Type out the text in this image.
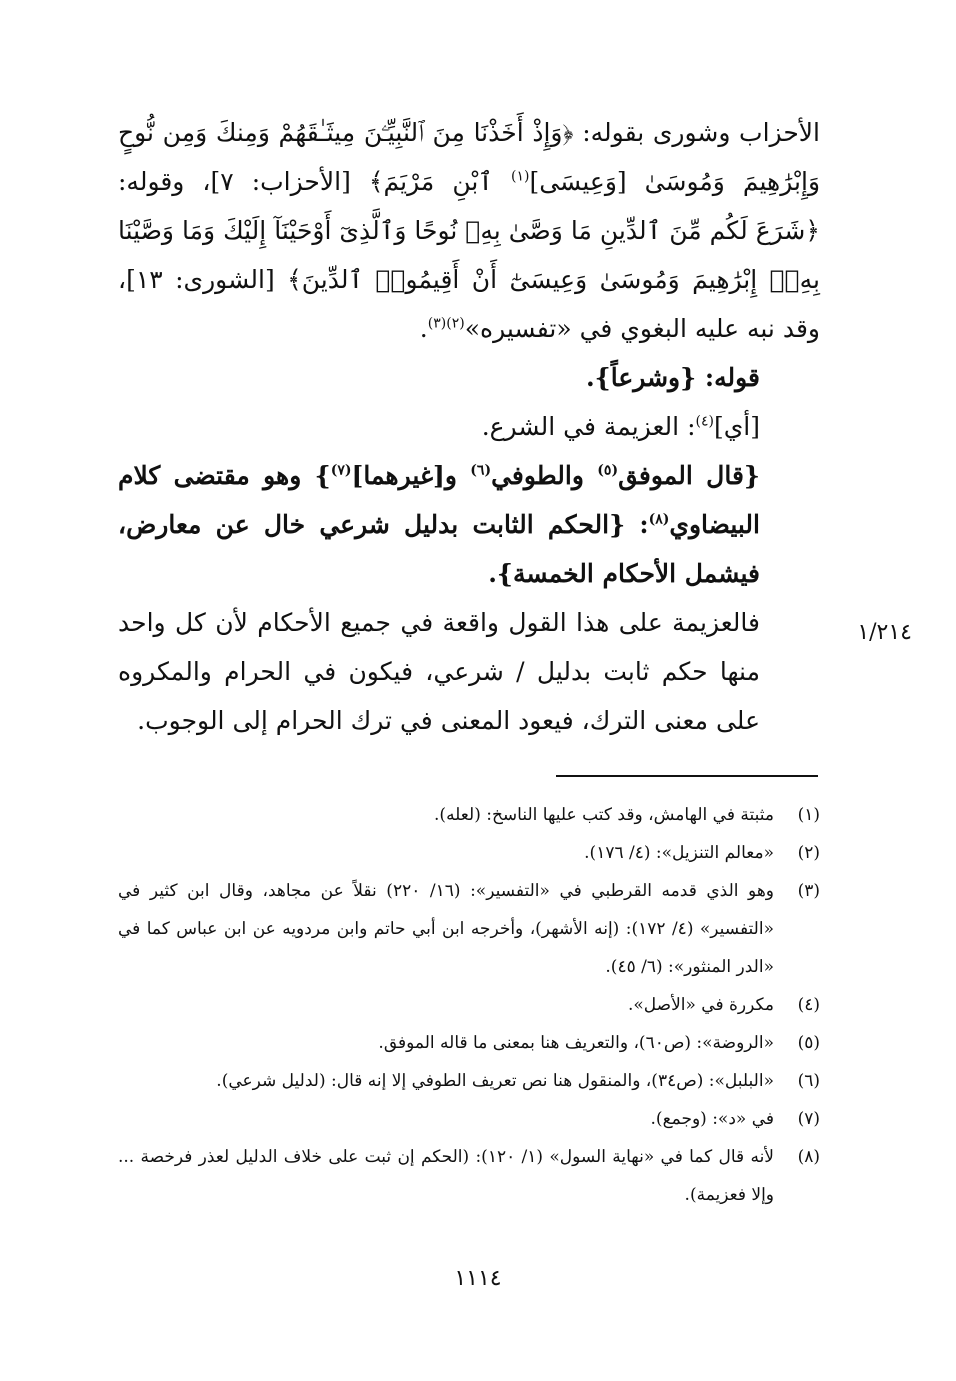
الأحزاب وشورى بقوله: ﴿وَإِذْ أَخَذْنَا مِنَ ٱلنَّبِيِّـۧنَ مِيثَـٰقَهُمْ وَمِنكَ وَمِن نُّوحٍ وَإِبْرَٰهِيمَ وَمُوسَىٰ [وَعِيسَى]$^{(١)}$ ٱبْنِ مَرْيَمَ﴾ [الأحزاب: ٧]، وقوله: ﴿شَرَعَ لَكُم مِّنَ ٱلدِّينِ مَا وَصَّىٰ بِهِۦ نُوحًا وَٱلَّذِىٓ أَوْحَيْنَآ إِلَيْكَ وَمَا وَصَّيْنَا بِهِۦٓ إِبْرَٰهِيمَ وَمُوسَىٰ وَعِيسَىٰٓ أَنْ أَقِيمُوا۟ ٱلدِّينَ﴾ [الشورى: ١٣]، وقد نبه عليه البغوي في «تفسيره»$^{(٢)(٣)}$.

قوله: {وشرعاً}.

[أي]$^{(٤)}$: العزيمة في الشرع.

{قال الموفق$^{(٥)}$ والطوفي$^{(٦)}$ و[غيرهما]$^{(٧)}$} وهو مقتضى كلام البيضاوي$^{(٨)}$: {الحكم الثابت بدليل شرعي خال عن معارض، فيشمل الأحكام الخمسة}.

فالعزيمة على هذا القول واقعة في جميع الأحكام لأن كل واحد منها حكم ثابت بدليل / شرعي، فيكون في الحرام والمكروه على معنى الترك، فيعود المعنى في ترك الحرام إلى الوجوب.

١/٢١٤
(١)
مثبتة في الهامش، وقد كتب عليها الناسخ: (لعله).
(٢)
«معالم التنزيل»: (٤/ ١٧٦).
(٣)
وهو الذي قدمه القرطبي في «التفسير»: (١٦/ ٢٢٠) نقلاً عن مجاهد، وقال ابن كثير في «التفسير» (٤/ ١٧٢): (إنه الأشهر)، وأخرجه ابن أبي حاتم وابن مردويه عن ابن عباس كما في «الدر المنثور»: (٦/ ٤٥).
(٤)
مكررة في «الأصل».
(٥)
«الروضة»: (ص٦٠)، والتعريف هنا بمعنى ما قاله الموفق.
(٦)
«البلبل»: (ص٣٤)، والمنقول هنا نص تعريف الطوفي إلا إنه قال: (لدليل شرعي).
(٧)
في «د»: (وجمع).
(٨)
لأنه قال كما في «نهاية السول» (١/ ١٢٠): (الحكم إن ثبت على خلاف الدليل لعذر فرخصة ... وإلا فعزيمة).
١١١٤
